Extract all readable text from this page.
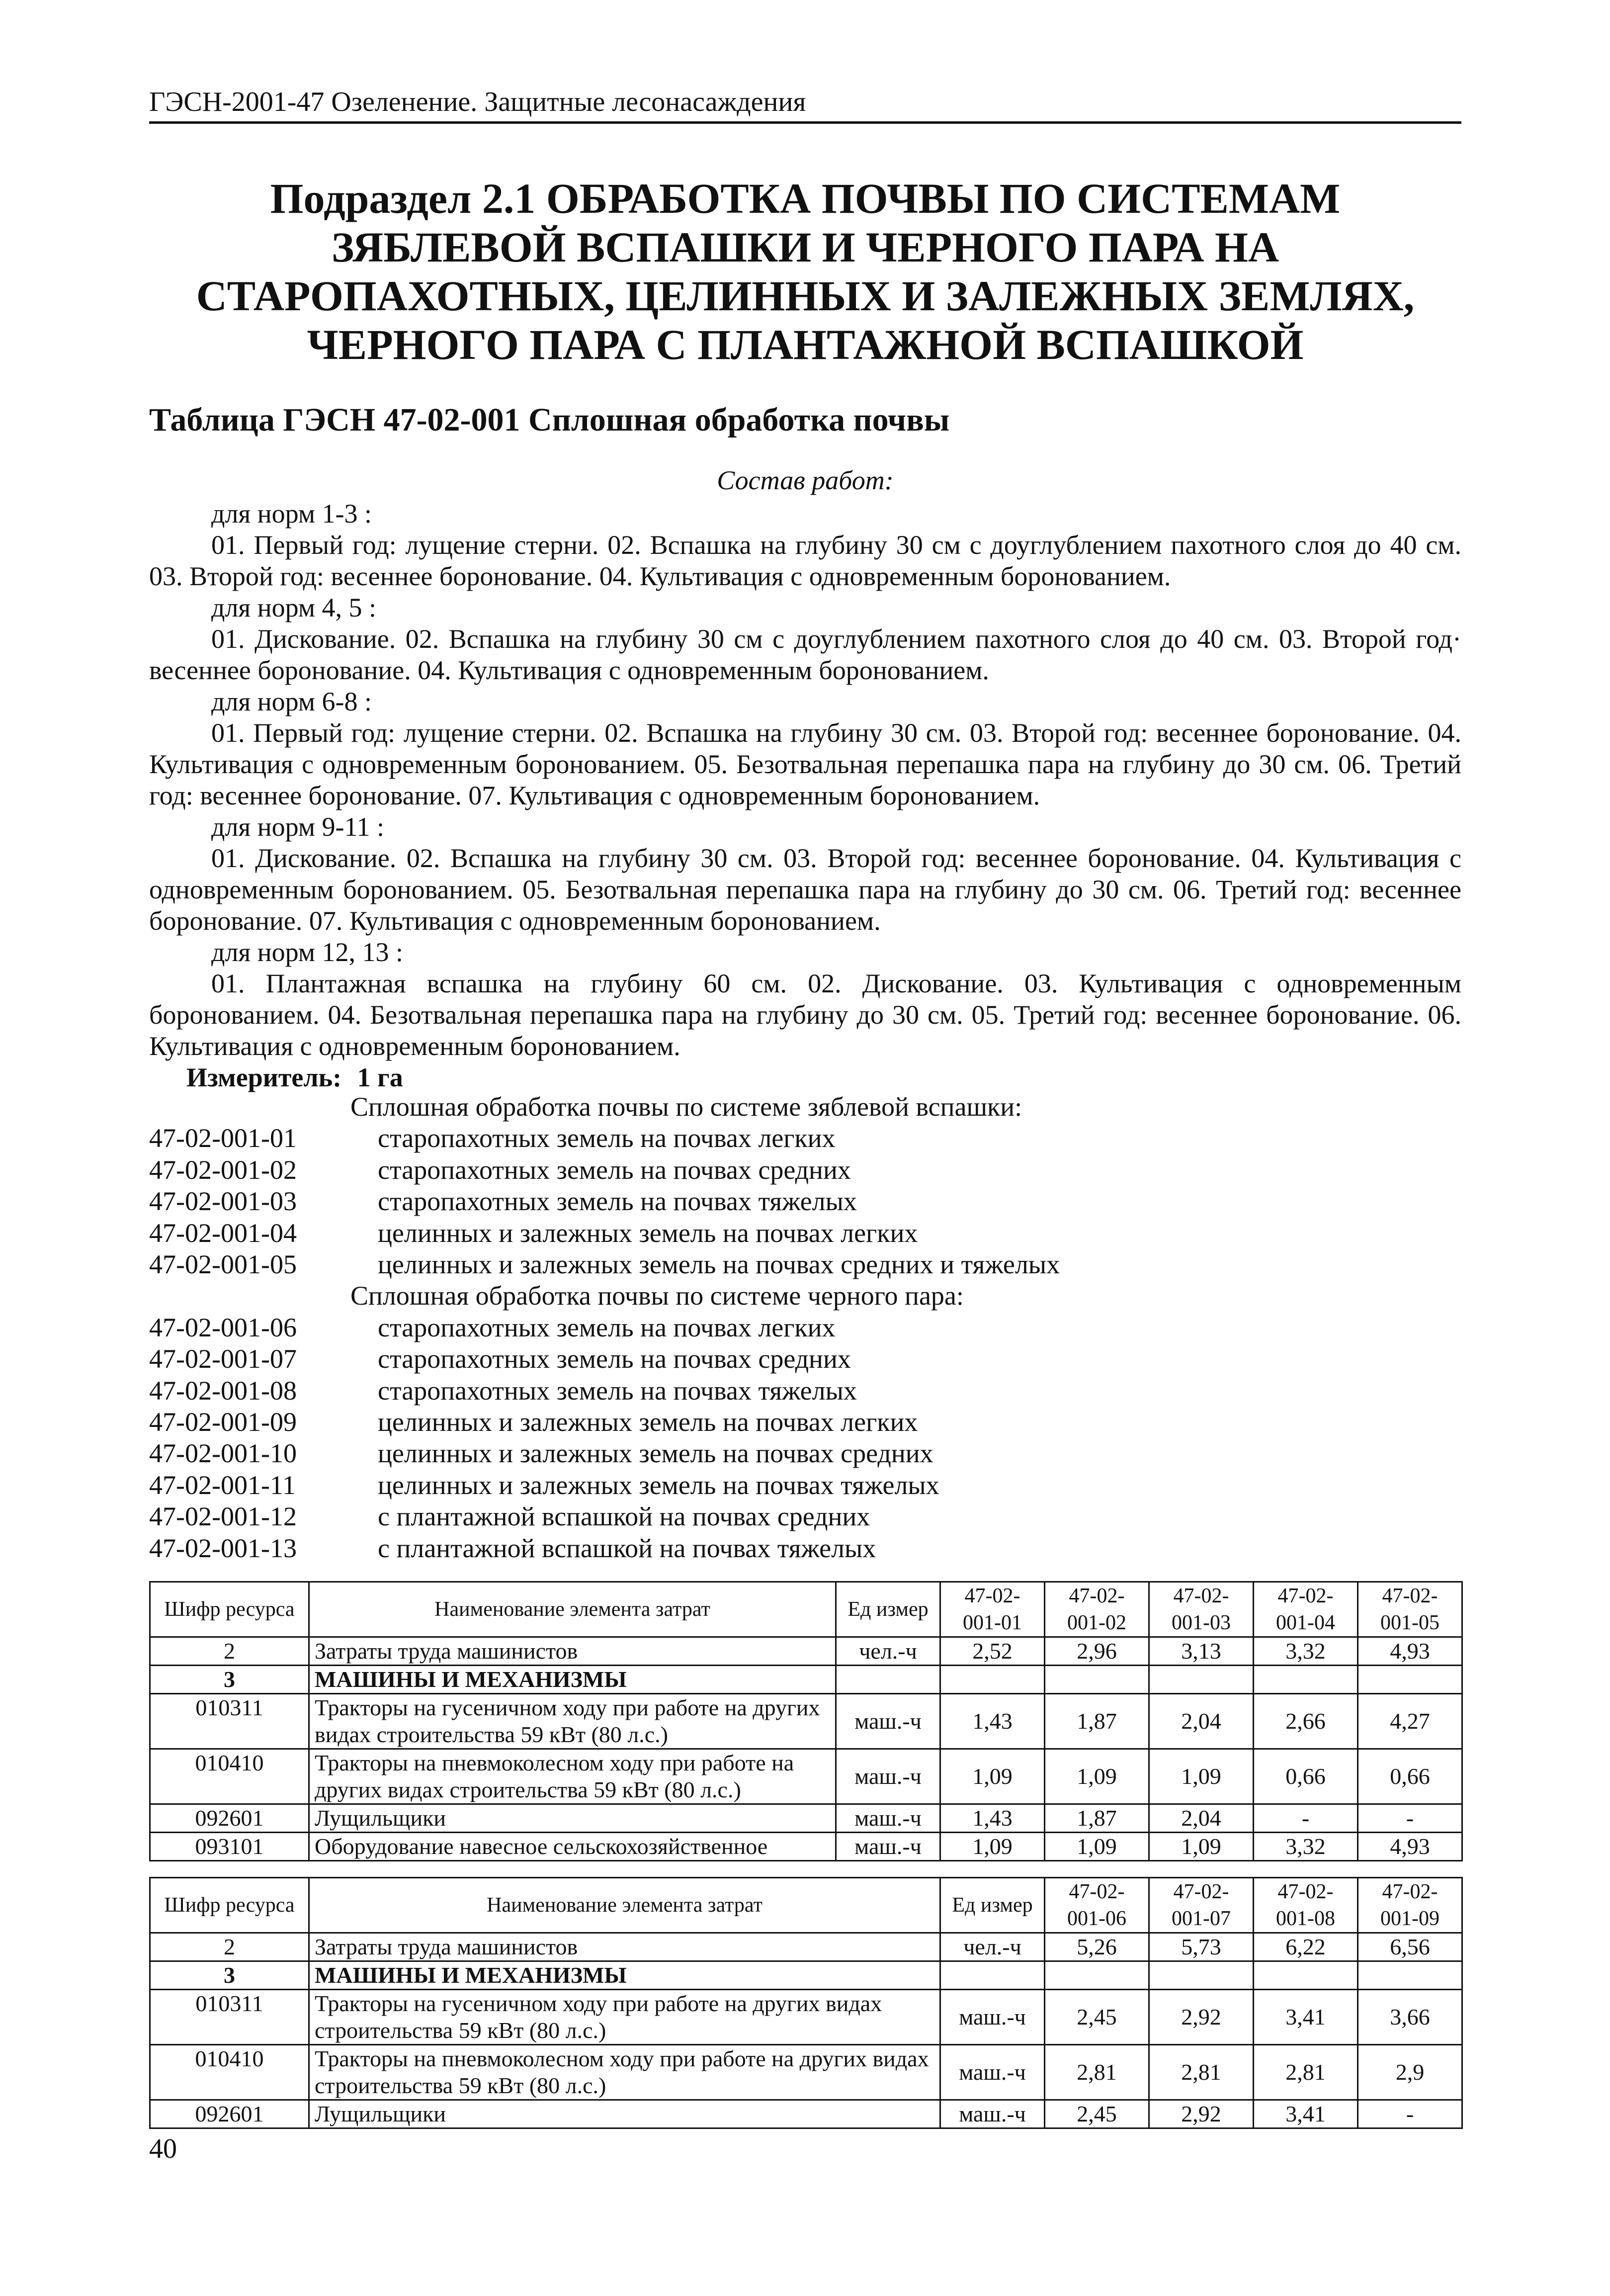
ГЭСН-2001-47 Озеленение. Защитные лесонасаждения
Подраздел 2.1 ОБРАБОТКА ПОЧВЫ ПО СИСТЕМАМ ЗЯБЛЕВОЙ ВСПАШКИ И ЧЕРНОГО ПАРА НА СТАРОПАХОТНЫХ, ЦЕЛИННЫХ И ЗАЛЕЖНЫХ ЗЕМЛЯХ, ЧЕРНОГО ПАРА С ПЛАНТАЖНОЙ ВСПАШКОЙ
Таблица ГЭСН 47-02-001 Сплошная обработка почвы
Состав работ:
для норм 1-3 :
01. Первый год: лущение стерни. 02. Вспашка на глубину 30 см с доуглублением пахотного слоя до 40 см. 03. Второй год: весеннее боронование. 04. Культивация с одновременным боронованием.
для норм 4, 5 :
01. Дискование. 02. Вспашка на глубину 30 см с доуглублением пахотного слоя до 40 см. 03. Второй год· весеннее боронование. 04. Культивация с одновременным боронованием.
для норм 6-8 :
01. Первый год: лущение стерни. 02. Вспашка на глубину 30 см. 03. Второй год: весеннее боронование. 04. Культивация с одновременным боронованием. 05. Безотвальная перепашка пара на глубину до 30 см. 06. Третий год: весеннее боронование. 07. Культивация с одновременным боронованием.
для норм 9-11 :
01. Дискование. 02. Вспашка на глубину 30 см. 03. Второй год: весеннее боронование. 04. Культивация с одновременным боронованием. 05. Безотвальная перепашка пара на глубину до 30 см. 06. Третий год: весеннее боронование. 07. Культивация с одновременным боронованием.
для норм 12, 13 :
01. Плантажная вспашка на глубину 60 см. 02. Дискование. 03. Культивация с одновременным боронованием. 04. Безотвальная перепашка пара на глубину до 30 см. 05. Третий год: весеннее боронование. 06. Культивация с одновременным боронованием.
Измеритель: 1 га
Сплошная обработка почвы по системе зяблевой вспашки:
47-02-001-01	старопахотных земель на почвах легких
47-02-001-02	старопахотных земель на почвах средних
47-02-001-03	старопахотных земель на почвах тяжелых
47-02-001-04	целинных и залежных земель на почвах легких
47-02-001-05	целинных и залежных земель на почвах средних и тяжелых
Сплошная обработка почвы по системе черного пара:
47-02-001-06	старопахотных земель на почвах легких
47-02-001-07	старопахотных земель на почвах средних
47-02-001-08	старопахотных земель на почвах тяжелых
47-02-001-09	целинных и залежных земель на почвах легких
47-02-001-10	целинных и залежных земель на почвах средних
47-02-001-11	целинных и залежных земель на почвах тяжелых
47-02-001-12	с плантажной вспашкой на почвах средних
47-02-001-13	с плантажной вспашкой на почвах тяжелых
Шифр ресурса	Наименование элемента затрат	Ед измер	47-02-001-01	47-02-001-02	47-02-001-03	47-02-001-04	47-02-001-05
2	Затраты труда машинистов	чел.-ч	2,52	2,96	3,13	3,32	4,93
3	МАШИНЫ И МЕХАНИЗМЫ						
010311	Тракторы на гусеничном ходу при работе на других видах строительства 59 кВт (80 л.с.)	маш.-ч	1,43	1,87	2,04	2,66	4,27
010410	Тракторы на пневмоколесном ходу при работе на других видах строительства 59 кВт (80 л.с.)	маш.-ч	1,09	1,09	1,09	0,66	0,66
092601	Лущильщики	маш.-ч	1,43	1,87	2,04	-	-
093101	Оборудование навесное сельскохозяйственное	маш.-ч	1,09	1,09	1,09	3,32	4,93
Шифр ресурса	Наименование элемента затрат	Ед измер	47-02-001-06	47-02-001-07	47-02-001-08	47-02-001-09
2	Затраты труда машинистов	чел.-ч	5,26	5,73	6,22	6,56
3	МАШИНЫ И МЕХАНИЗМЫ					
010311	Тракторы на гусеничном ходу при работе на других видах строительства 59 кВт (80 л.с.)	маш.-ч	2,45	2,92	3,41	3,66
010410	Тракторы на пневмоколесном ходу при работе на других видах строительства 59 кВт (80 л.с.)	маш.-ч	2,81	2,81	2,81	2,9
092601	Лущильщики	маш.-ч	2,45	2,92	3,41	-
40
